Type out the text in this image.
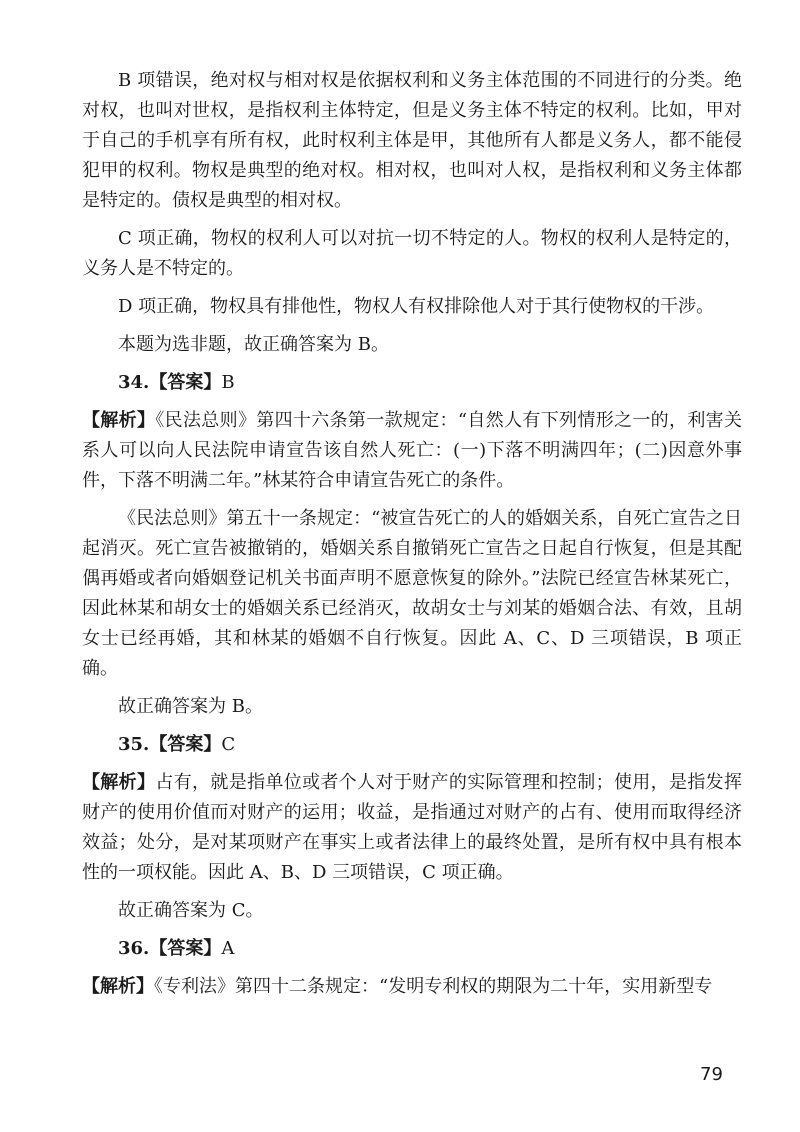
B 项错误，绝对权与相对权是依据权利和义务主体范围的不同进行的分类。绝对权，也叫对世权，是指权利主体特定，但是义务主体不特定的权利。比如，甲对于自己的手机享有所有权，此时权利主体是甲，其他所有人都是义务人，都不能侵犯甲的权利。物权是典型的绝对权。相对权，也叫对人权，是指权利和义务主体都是特定的。债权是典型的相对权。

C 项正确，物权的权利人可以对抗一切不特定的人。物权的权利人是特定的，义务人是不特定的。

D 项正确，物权具有排他性，物权人有权排除他人对于其行使物权的干涉。

本题为选非题，故正确答案为 B。

34.【答案】B

【解析】《民法总则》第四十六条第一款规定：“自然人有下列情形之一的，利害关系人可以向人民法院申请宣告该自然人死亡：(一)下落不明满四年；(二)因意外事件，下落不明满二年。”林某符合申请宣告死亡的条件。

《民法总则》第五十一条规定：“被宣告死亡的人的婚姻关系，自死亡宣告之日起消灭。死亡宣告被撤销的，婚姻关系自撤销死亡宣告之日起自行恢复，但是其配偶再婚或者向婚姻登记机关书面声明不愿意恢复的除外。”法院已经宣告林某死亡，因此林某和胡女士的婚姻关系已经消灭，故胡女士与刘某的婚姻合法、有效，且胡女士已经再婚，其和林某的婚姻不自行恢复。因此 A、C、D 三项错误，B 项正确。

故正确答案为 B。

35.【答案】C

【解析】占有，就是指单位或者个人对于财产的实际管理和控制；使用，是指发挥财产的使用价值而对财产的运用；收益，是指通过对财产的占有、使用而取得经济效益；处分，是对某项财产在事实上或者法律上的最终处置，是所有权中具有根本性的一项权能。因此 A、B、D 三项错误，C 项正确。

故正确答案为 C。

36.【答案】A

【解析】《专利法》第四十二条规定：“发明专利权的期限为二十年，实用新型专

79
